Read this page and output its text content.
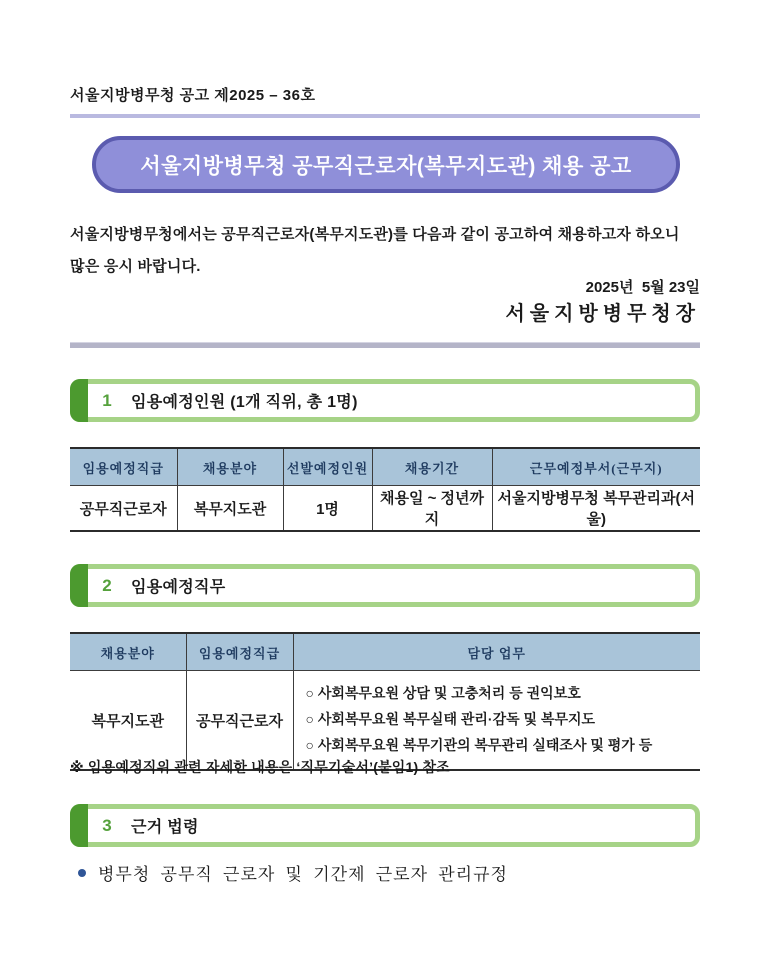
서울지방병무청 공고 제2025 – 36호
서울지방병무청 공무직근로자(복무지도관) 채용 공고
서울지방병무청에서는 공무직근로자(복무지도관)를 다음과 같이 공고하여 채용하고자 하오니
많은 응시 바랍니다.
2025년  5월 23일
서울지방병무청장
1	임용예정인원 (1개 직위, 총 1명)
임용예정직급	채용분야	선발예정인원	채용기간	근무예정부서(근무지)
공무직근로자	복무지도관	1명	채용일 ~ 정년까지	서울지방병무청 복무관리과(서울)
2	임용예정직무
채용분야	임용예정직급	담당 업무
복무지도관	공무직근로자	○ 사회복무요원 상담 및 고충처리 등 권익보호
○ 사회복무요원 복무실태 관리·감독 및 복무지도
○ 사회복무요원 복무기관의 복무관리 실태조사 및 평가 등
※ 임용예정직위 관련 자세한 내용은 ‘직무기술서’(붙임1) 참조
3	근거 법령
병무청 공무직 근로자 및 기간제 근로자 관리규정
